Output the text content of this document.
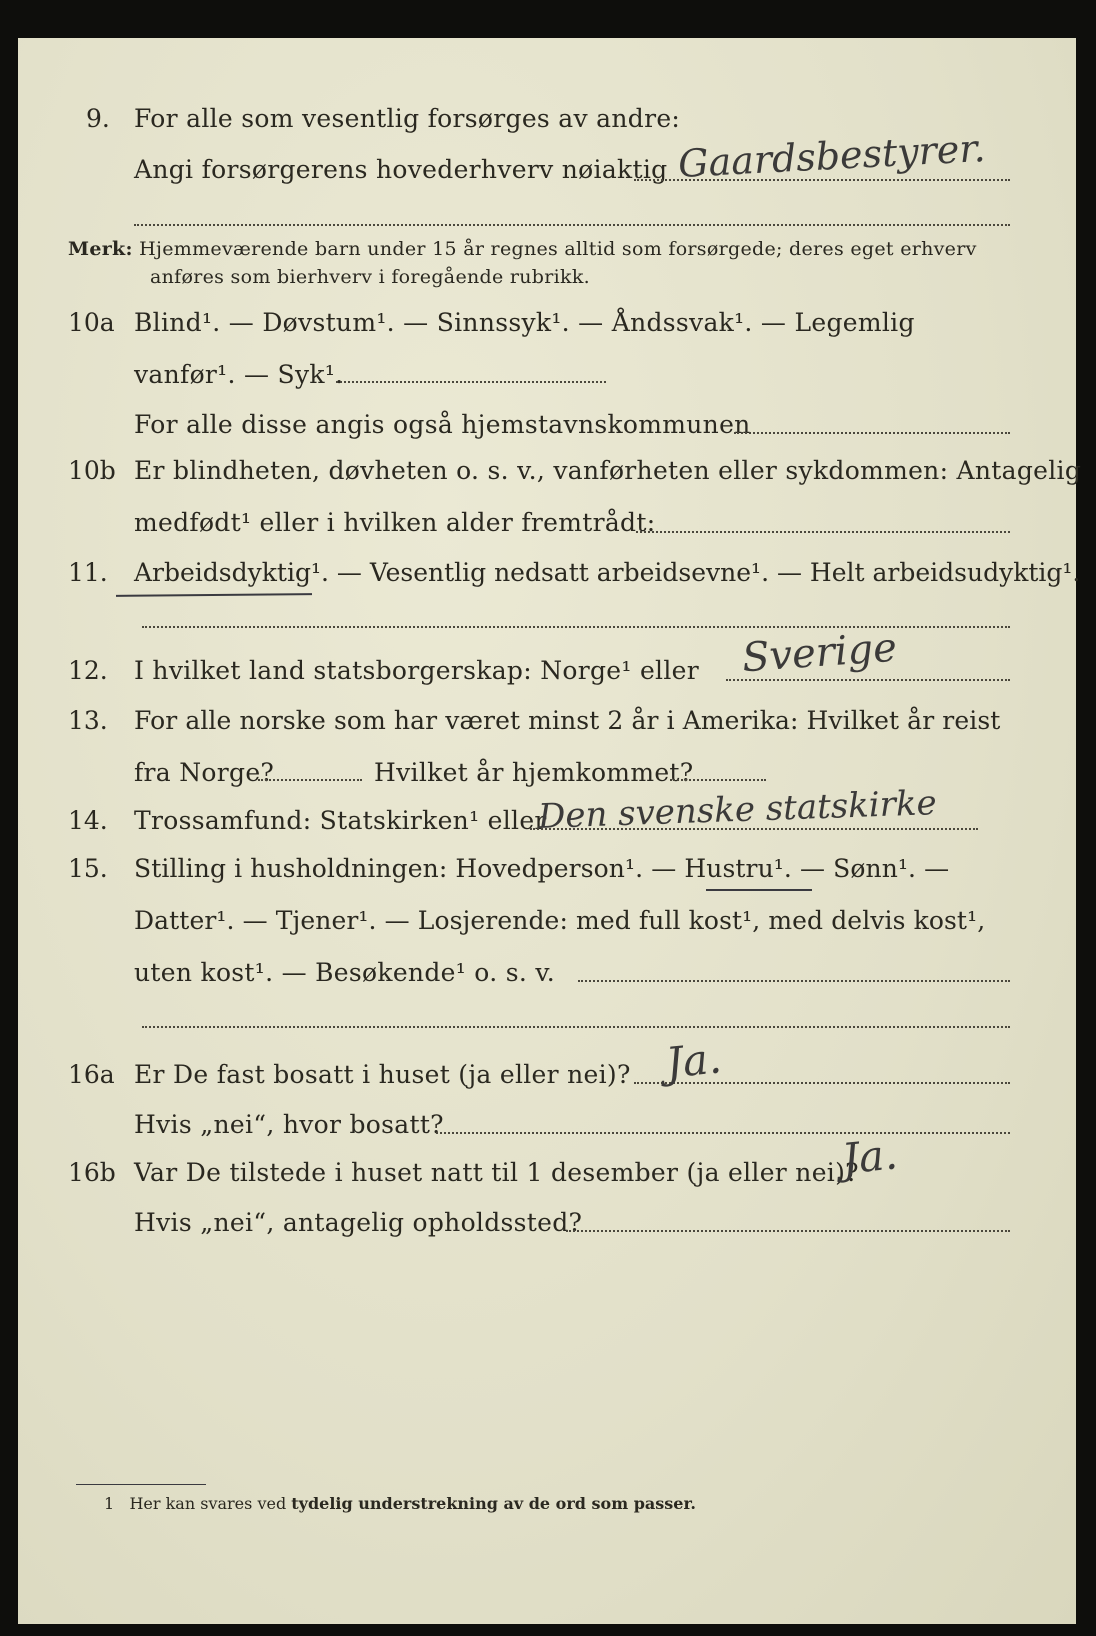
9. For alle som vesentlig forsørges av andre:
Angi forsørgerens hovederhverv nøiaktig Gaardsbestyrer.
Merk: Hjemmeværende barn under 15 år regnes alltid som forsørgede; deres eget erhverv
anføres som bierhverv i foregående rubrikk.
10a Blind¹. — Døvstum¹. — Sinnssyk¹. — Åndssvak¹. — Legemlig
vanfør¹. — Syk¹.
For alle disse angis også hjemstavnskommunen
10b Er blindheten, døvheten o. s. v., vanførheten eller sykdommen: Antagelig
medfødt¹ eller i hvilken alder fremtrådt:
11. Arbeidsdyktig¹. — Vesentlig nedsatt arbeidsevne¹. — Helt arbeidsudyktig¹.
12. I hvilket land statsborgerskap: Norge¹ eller Sverige
13. For alle norske som har været minst 2 år i Amerika: Hvilket år reist
fra Norge?	Hvilket år hjemkommet?
14. Trossamfund: Statskirken¹ eller
Den svenske statskirke
15. Stilling i husholdningen: Hovedperson¹. — Hustru¹. — Sønn¹. —
Datter¹. — Tjener¹. — Losjerende: med full kost¹, med delvis kost¹,
uten kost¹. — Besøkende¹ o. s. v.
16a Er De fast bosatt i huset (ja eller nei)? Ja.
Hvis „nei“, hvor bosatt?
16b Var De tilstede i huset natt til 1 desember (ja eller nei)?
Ja.
Hvis „nei“, antagelig opholdssted?
1 Her kan svares ved tydelig understrekning av de ord som passer.
